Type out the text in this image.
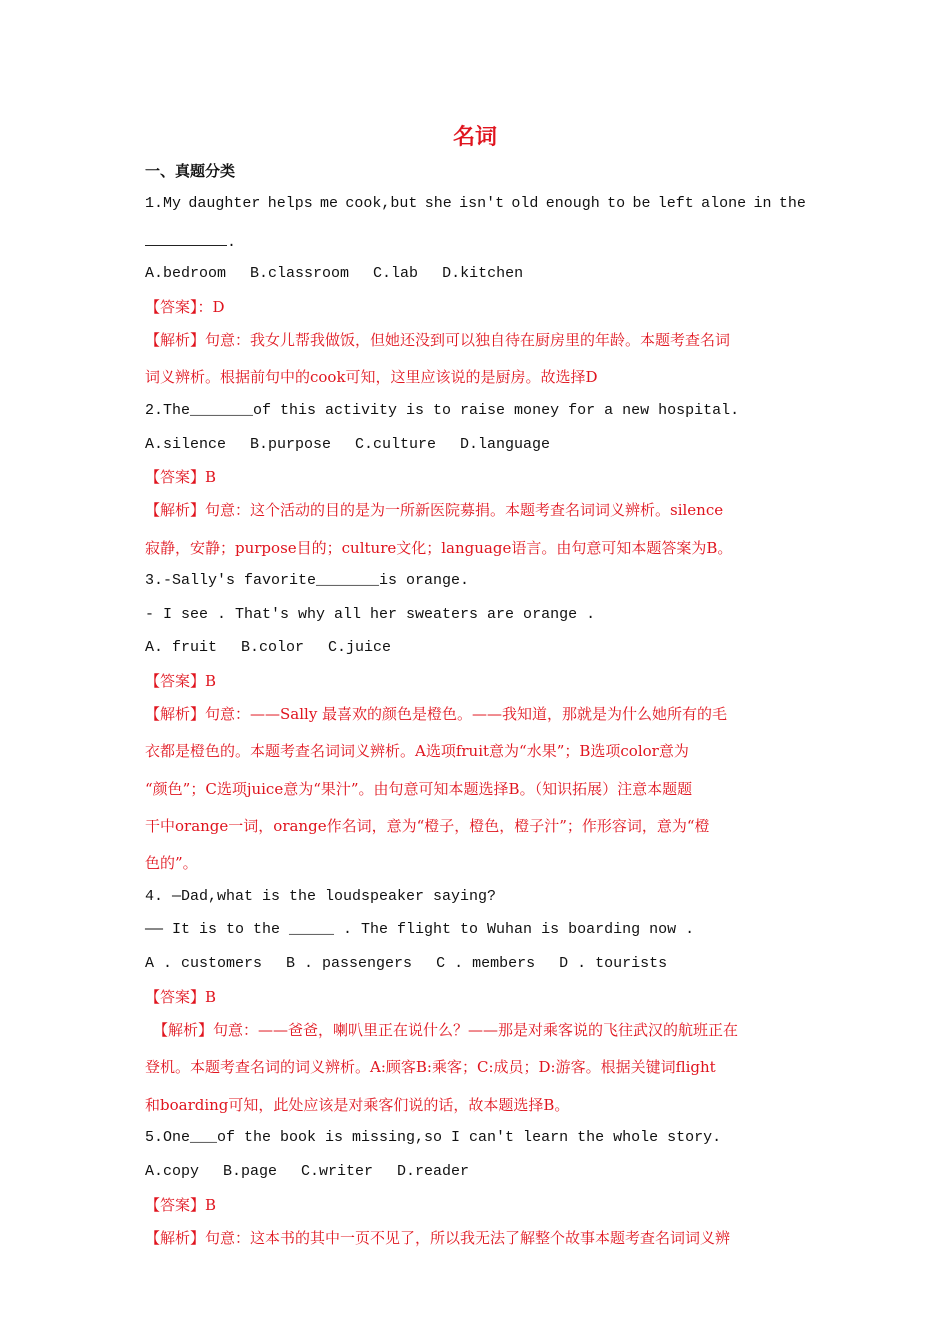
名词
一、真题分类
1.My daughter helps me cook,but she isn't old enough to be left alone in the
.
A.bedroom B.classroom C.lab D.kitchen
【答案】：D
【解析】句意：我女儿帮我做饭，但她还没到可以独自待在厨房里的年龄。本题考查名词
词义辨析。根据前句中的cook可知，这里应该说的是厨房。故选择D
2.The_______of this activity is to raise money for a new hospital.
A.silence B.purpose C.culture D.language
【答案】B
【解析】句意：这个活动的目的是为一所新医院募捐。本题考查名词词义辨析。silence
寂静，安静；purpose目的；culture文化；language语言。由句意可知本题答案为B。
3.-Sally's favorite_______is orange.
- I see . That's why all her sweaters are orange .
A. fruit B.color C.juice
【答案】B
【解析】句意：——Sally 最喜欢的颜色是橙色。——我知道，那就是为什么她所有的毛
衣都是橙色的。本题考查名词词义辨析。A选项fruit意为“水果”；B选项color意为
“颜色”；C选项juice意为“果汁”。由句意可知本题选择B。（知识拓展）注意本题题
干中orange一词，orange作名词，意为“橙子，橙色，橙子汁”；作形容词，意为“橙
色的”。
4. —Dad,what is the loudspeaker saying?
—— It is to the _____ . The flight to Wuhan is boarding now .
A . customers B . passengers C . members D . tourists
【答案】B
【解析】句意：——爸爸，喇叭里正在说什么？——那是对乘客说的飞往武汉的航班正在
登机。本题考查名词的词义辨析。A:顾客B:乘客；C:成员；D:游客。根据关键词flight
和boarding可知，此处应该是对乘客们说的话，故本题选择B。
5.One___of the book is missing,so I can't learn the whole story.
A.copy B.page C.writer D.reader
【答案】B
【解析】句意：这本书的其中一页不见了，所以我无法了解整个故事本题考查名词词义辨
